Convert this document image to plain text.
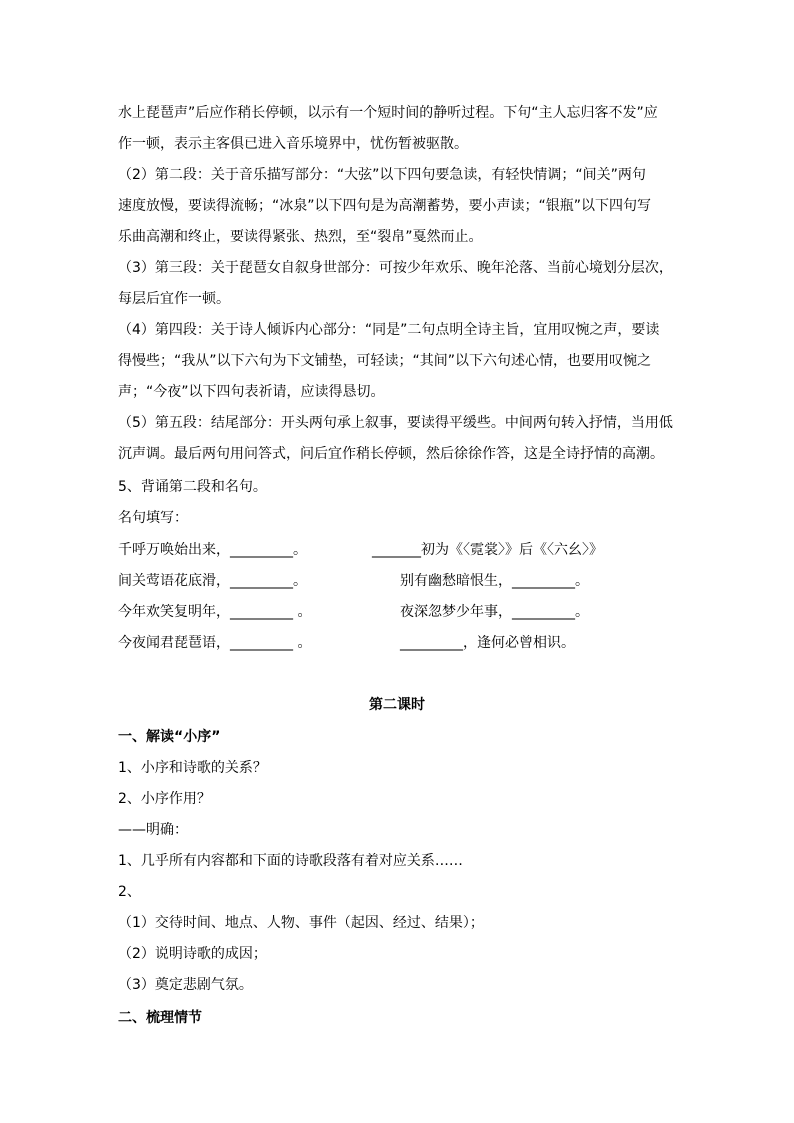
水上琵琶声”后应作稍长停顿，以示有一个短时间的静听过程。下句“主人忘归客不发”应
作一顿，表示主客俱已进入音乐境界中，忧伤暂被驱散。
（2）第二段：关于音乐描写部分：“大弦”以下四句要急读，有轻快情调；“间关”两句
速度放慢，要读得流畅；“冰泉”以下四句是为高潮蓄势，要小声读；“银瓶”以下四句写
乐曲高潮和终止，要读得紧张、热烈，至“裂帛”戛然而止。
（3）第三段：关于琵琶女自叙身世部分：可按少年欢乐、晚年沦落、当前心境划分层次，
每层后宜作一顿。
（4）第四段：关于诗人倾诉内心部分：“同是”二句点明全诗主旨，宜用叹惋之声，要读
得慢些；“我从”以下六句为下文铺垫，可轻读；“其间”以下六句述心情，也要用叹惋之
声；“今夜”以下四句表祈请，应读得恳切。
（5）第五段：结尾部分：开头两句承上叙事，要读得平缓些。中间两句转入抒情，当用低
沉声调。最后两句用问答式，问后宜作稍长停顿，然后徐徐作答，这是全诗抒情的高潮。
5、背诵第二段和名句。
名句填写：
千呼万唤始出来，_________。	_______初为《〈霓裳〉》后《〈六幺〉》
间关莺语花底滑，_________。	别有幽愁暗恨生，_________。
今年欢笑复明年，_________ 。	夜深忽梦少年事，_________。
今夜闻君琵琶语，_________ 。	_________，逢何必曾相识。
第二课时
一、解读“小序”
1、小序和诗歌的关系？
2、小序作用？
——明确：
1、几乎所有内容都和下面的诗歌段落有着对应关系……
2、
（1）交待时间、地点、人物、事件（起因、经过、结果）；
（2）说明诗歌的成因；
（3）奠定悲剧气氛。
二、梳理情节
